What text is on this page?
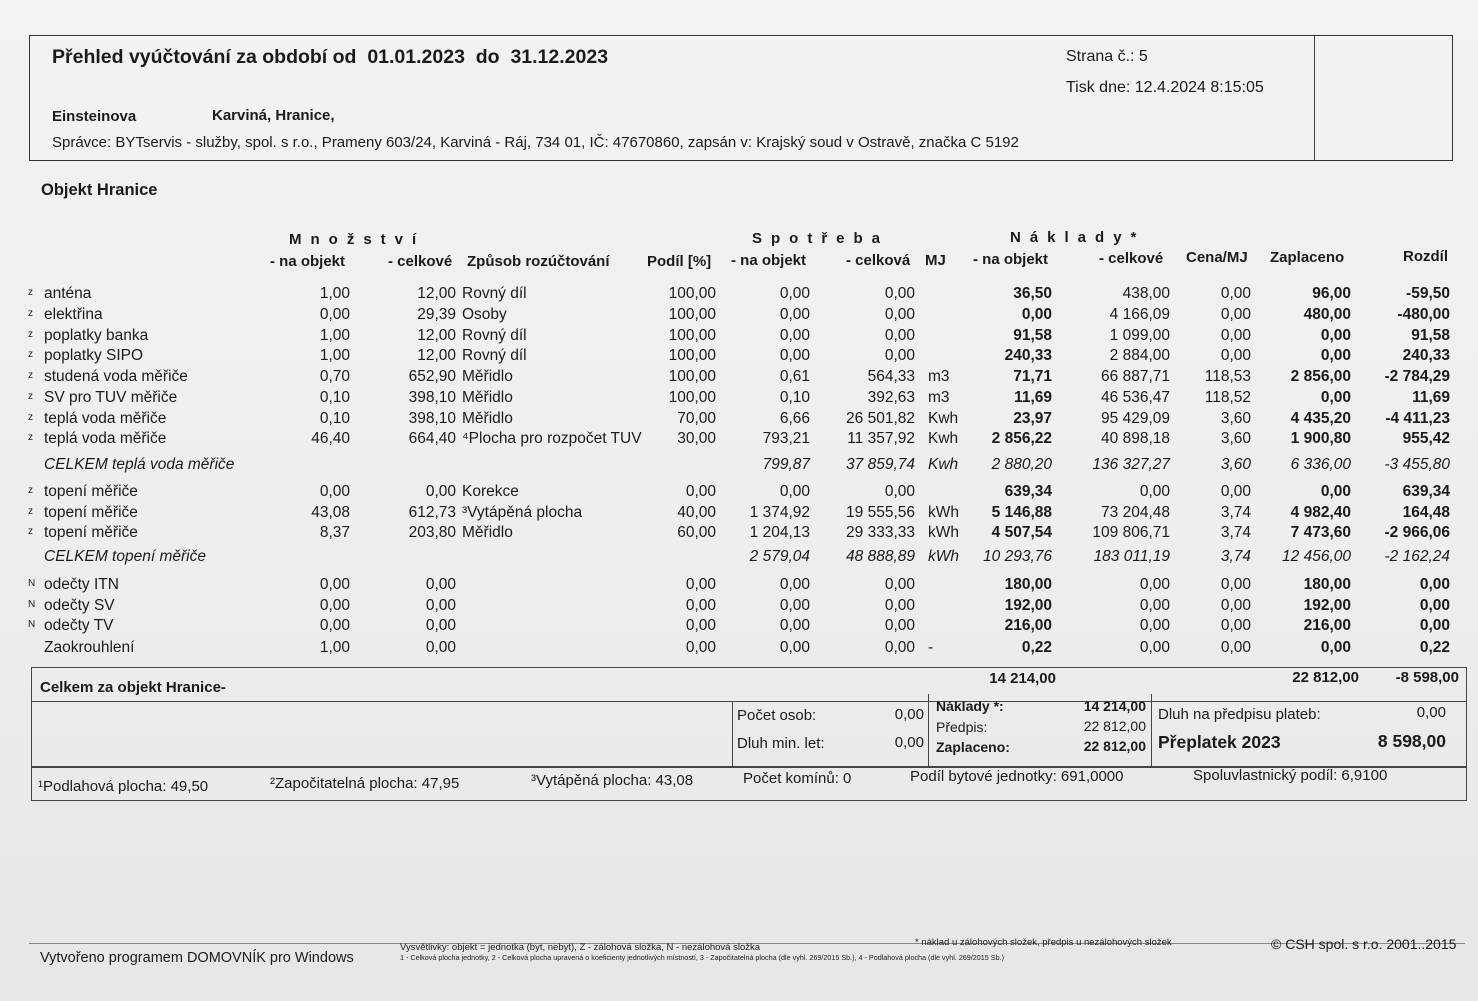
Přehled vyúčtování za období od 01.01.2023 do 31.12.2023	Strana č.: 5
Tisk dne: 12.4.2024 8:15:05
Einsteinova	Karviná, Hranice,
Správce: BYTservis - služby, spol. s r.o., Prameny 603/24, Karviná - Ráj, 734 01, IČ: 47670860, zapsán v: Krajský soud v Ostravě, značka C 5192
Objekt Hranice
Množství	Spotřeba	Náklady*
- na objekt	- celkové Způsob rozúčtování	Podíl [%] - na objekt	- celková MJ - na objekt	- celkové Cena/MJ Zaplaceno	Rozdíl
z anténa	1,00	12,00 Rovný díl	100,00	0,00	0,00	36,50	438,00	0,00	96,00	-59,50
z elektřina	0,00	29,39 Osoby	100,00	0,00	0,00	0,00	4 166,09	0,00	480,00	-480,00
z poplatky banka	1,00	12,00 Rovný díl	100,00	0,00	0,00	91,58	1 099,00	0,00	0,00	91,58
z poplatky SIPO	1,00	12,00 Rovný díl	100,00	0,00	0,00	240,33	2 884,00	0,00	0,00	240,33
z studená voda měřiče	0,70	652,90 Měřidlo	100,00	0,61	564,33 m3	71,71	66 887,71	118,53	2 856,00	-2 784,29
z SV pro TUV měřiče	0,10	398,10 Měřidlo	100,00	0,10	392,63 m3	11,69	46 536,47	118,52	0,00	11,69
z teplá voda měřiče	0,10	398,10 Měřidlo	70,00	6,66	26 501,82 Kwh	23,97	95 429,09	3,60	4 435,20	-4 411,23
z teplá voda měřiče	46,40	664,40 ⁴Plocha pro rozpočet TUV	30,00	793,21	11 357,92 Kwh	2 856,22	40 898,18	3,60	1 900,80	955,42
CELKEM teplá voda měřiče	799,87	37 859,74 Kwh	2 880,20	136 327,27	3,60	6 336,00	-3 455,80
z topení měřiče	0,00	0,00 Korekce	0,00	0,00	0,00	639,34	0,00	0,00	0,00	639,34
z topení měřiče	43,08	612,73 ³Vytápěná plocha	40,00	1 374,92	19 555,56 kWh	5 146,88	73 204,48	3,74	4 982,40	164,48
z topení měřiče	8,37	203,80 Měřidlo	60,00	1 204,13	29 333,33 kWh	4 507,54	109 806,71	3,74	7 473,60	-2 966,06
CELKEM topení měřiče	2 579,04	48 888,89 kWh	10 293,76	183 011,19	3,74	12 456,00	-2 162,24
N odečty ITN	0,00	0,00	0,00	0,00	0,00	180,00	0,00	0,00	180,00	0,00
N odečty SV	0,00	0,00	0,00	0,00	0,00	192,00	0,00	0,00	192,00	0,00
N odečty TV	0,00	0,00	0,00	0,00	0,00	216,00	0,00	0,00	216,00	0,00
Zaokrouhlení	1,00	0,00	0,00	0,00	0,00 -	0,22	0,00	0,00	0,00	0,22
Celkem za objekt Hranice-
14 214,00	22 812,00	-8 598,00
Počet osob:	0,00
Dluh min. let:	0,00
Náklady *:	14 214,00
Předpis:	22 812,00
Zaplaceno:	22 812,00
Dluh na předpisu plateb:	0,00
Přeplatek 2023	8 598,00
¹Podlahová plocha: 49,50	²Započitatelná plocha: 47,95	³Vytápěná plocha: 43,08	Počet komínů: 0	Podíl bytové jednotky: 691,0000	Spoluvlastnický podíl: 6,9100
Vytvořeno programem DOMOVNÍK pro Windows
Vysvětlivky: objekt = jednotka (byt, nebyt), Z - zálohová složka, N - nezálohová složka
1 - Celková plocha jednotky, 2 - Celková plocha upravená o koeficienty jednotlivých místností, 3 - Započitatelná plocha (dle vyhl. 269/2015 Sb.), 4 - Podlahová plocha (dle vyhl. 269/2015 Sb.)
* náklad u zálohových složek, předpis u nezálohových složek	© CSH spol. s r.o. 2001..2015
